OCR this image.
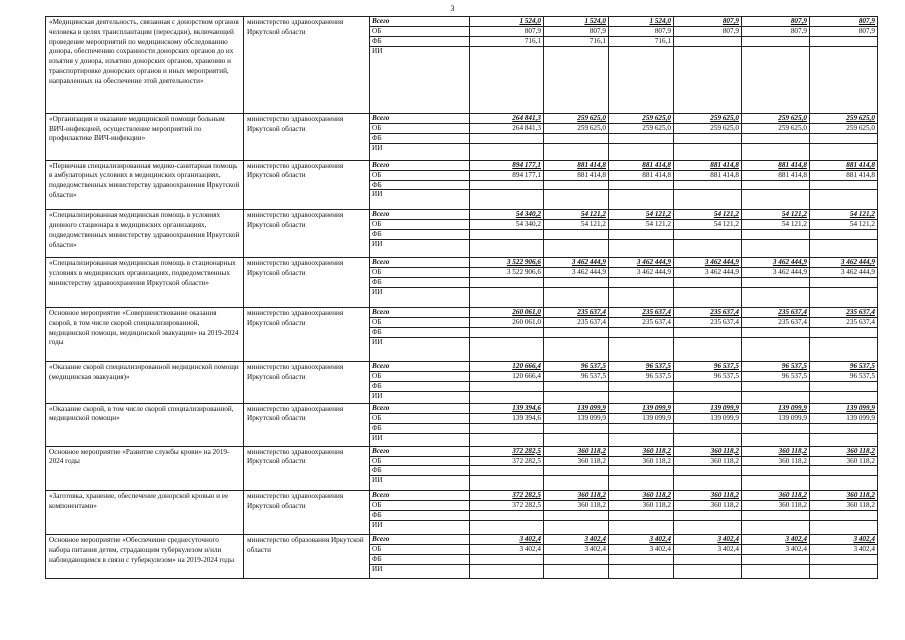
3
«Медицинская деятельность, связанная с донорством органов человека в целях трансплантации (пересадки), включающей проведение мероприятий по медицинскому обследованию донора, обеспечению сохранности донорских органов до их изъятия у донора, изъятию донорских органов, хранению и транспортировке донорских органов и иных мероприятий, направленных на обеспечение этой деятельности»	министерство здравоохранения Иркутской области	Всего	1 524,0	1 524,0	1 524,0	807,9	807,9	807,9
		ОБ	807,9	807,9	807,9	807,9	807,9	807,9
		ФБ	716,1	716,1	716,1			
		ИИ						
«Организация и оказание медицинской помощи больным ВИЧ-инфекцией, осуществление мероприятий по профилактике ВИЧ-инфекции»	министерство здравоохранения Иркутской области	Всего	264 841,3	259 625,0	259 625,0	259 625,0	259 625,0	259 625,0
		ОБ	264 841,3	259 625,0	259 625,0	259 625,0	259 625,0	259 625,0
		ФБ						
		ИИ						
«Первичная специализированная медико-санитарная помощь в амбулаторных условиях в медицинских организациях, подведомственных министерству здравоохранения Иркутской области»	министерство здравоохранения Иркутской области	Всего	894 177,1	881 414,8	881 414,8	881 414,8	881 414,8	881 414,8
		ОБ	894 177,1	881 414,8	881 414,8	881 414,8	881 414,8	881 414,8
		ФБ						
		ИИ						
«Специализированная медицинская помощь в условиях дневного стационара в медицинских организациях, подведомственных министерству здравоохранения Иркутской области»	министерство здравоохранения Иркутской области	Всего	54 340,2	54 121,2	54 121,2	54 121,2	54 121,2	54 121,2
		ОБ	54 340,2	54 121,2	54 121,2	54 121,2	54 121,2	54 121,2
		ФБ						
		ИИ						
«Специализированная медицинская помощь в стационарных условиях в медицинских организациях, подведомственных министерству здравоохранения Иркутской области»	министерство здравоохранения Иркутской области	Всего	3 522 906,6	3 462 444,9	3 462 444,9	3 462 444,9	3 462 444,9	3 462 444,9
		ОБ	3 522 906,6	3 462 444,9	3 462 444,9	3 462 444,9	3 462 444,9	3 462 444,9
		ФБ						
		ИИ						
Основное мероприятие «Совершенствование оказания скорой, в том числе скорой специализированной, медицинской помощи, медицинской эвакуации» на 2019-2024 годы	министерство здравоохранения Иркутской области	Всего	260 061,0	235 637,4	235 637,4	235 637,4	235 637,4	235 637,4
		ОБ	260 061,0	235 637,4	235 637,4	235 637,4	235 637,4	235 637,4
		ФБ						
		ИИ						
«Оказание скорой специализированной медицинской помощи (медицинская эвакуация)»	министерство здравоохранения Иркутской области	Всего	120 666,4	96 537,5	96 537,5	96 537,5	96 537,5	96 537,5
		ОБ	120 666,4	96 537,5	96 537,5	96 537,5	96 537,5	96 537,5
		ФБ						
		ИИ						
«Оказание скорой, в том числе скорой специализированной, медицинской помощи»	министерство здравоохранения Иркутской области	Всего	139 394,6	139 099,9	139 099,9	139 099,9	139 099,9	139 099,9
		ОБ	139 394,6	139 099,9	139 099,9	139 099,9	139 099,9	139 099,9
		ФБ						
		ИИ						
Основное мероприятие «Развитие службы крови» на 2019-2024 годы	министерство здравоохранения Иркутской области	Всего	372 282,5	360 118,2	360 118,2	360 118,2	360 118,2	360 118,2
		ОБ	372 282,5	360 118,2	360 118,2	360 118,2	360 118,2	360 118,2
		ФБ						
		ИИ						
«Заготовка, хранение, обеспечение донорской кровью и ее компонентами»	министерство здравоохранения Иркутской области	Всего	372 282,5	360 118,2	360 118,2	360 118,2	360 118,2	360 118,2
		ОБ	372 282,5	360 118,2	360 118,2	360 118,2	360 118,2	360 118,2
		ФБ						
		ИИ						
Основное мероприятие «Обеспечение среднесуточного набора питания детям, страдающим туберкулезом и/или наблюдающимся в связи с туберкулезом» на 2019-2024 годы	министерство образования Иркутской области	Всего	3 402,4	3 402,4	3 402,4	3 402,4	3 402,4	3 402,4
		ОБ	3 402,4	3 402,4	3 402,4	3 402,4	3 402,4	3 402,4
		ФБ						
		ИИ						
